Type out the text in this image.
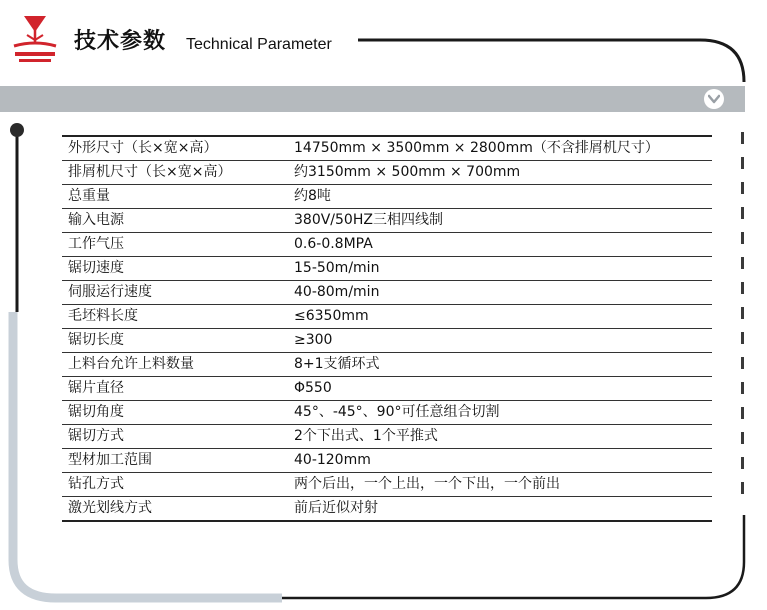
技术参数 Technical Parameter
外形尺寸（长×宽×高）	14750mm × 3500mm × 2800mm（不含排屑机尺寸）
排屑机尺寸（长×宽×高）	约3150mm × 500mm × 700mm
总重量	约8吨
输入电源	380V/50HZ三相四线制
工作气压	0.6-0.8MPA
锯切速度	15-50m/min
伺服运行速度	40-80m/min
毛坯料长度	≤6350mm
锯切长度	≥300
上料台允许上料数量	8+1支循环式
锯片直径	Φ550
锯切角度	45°、-45°、90°可任意组合切割
锯切方式	2个下出式、1个平推式
型材加工范围	40-120mm
钻孔方式	两个后出，一个上出，一个下出，一个前出
激光划线方式	前后近似对射
